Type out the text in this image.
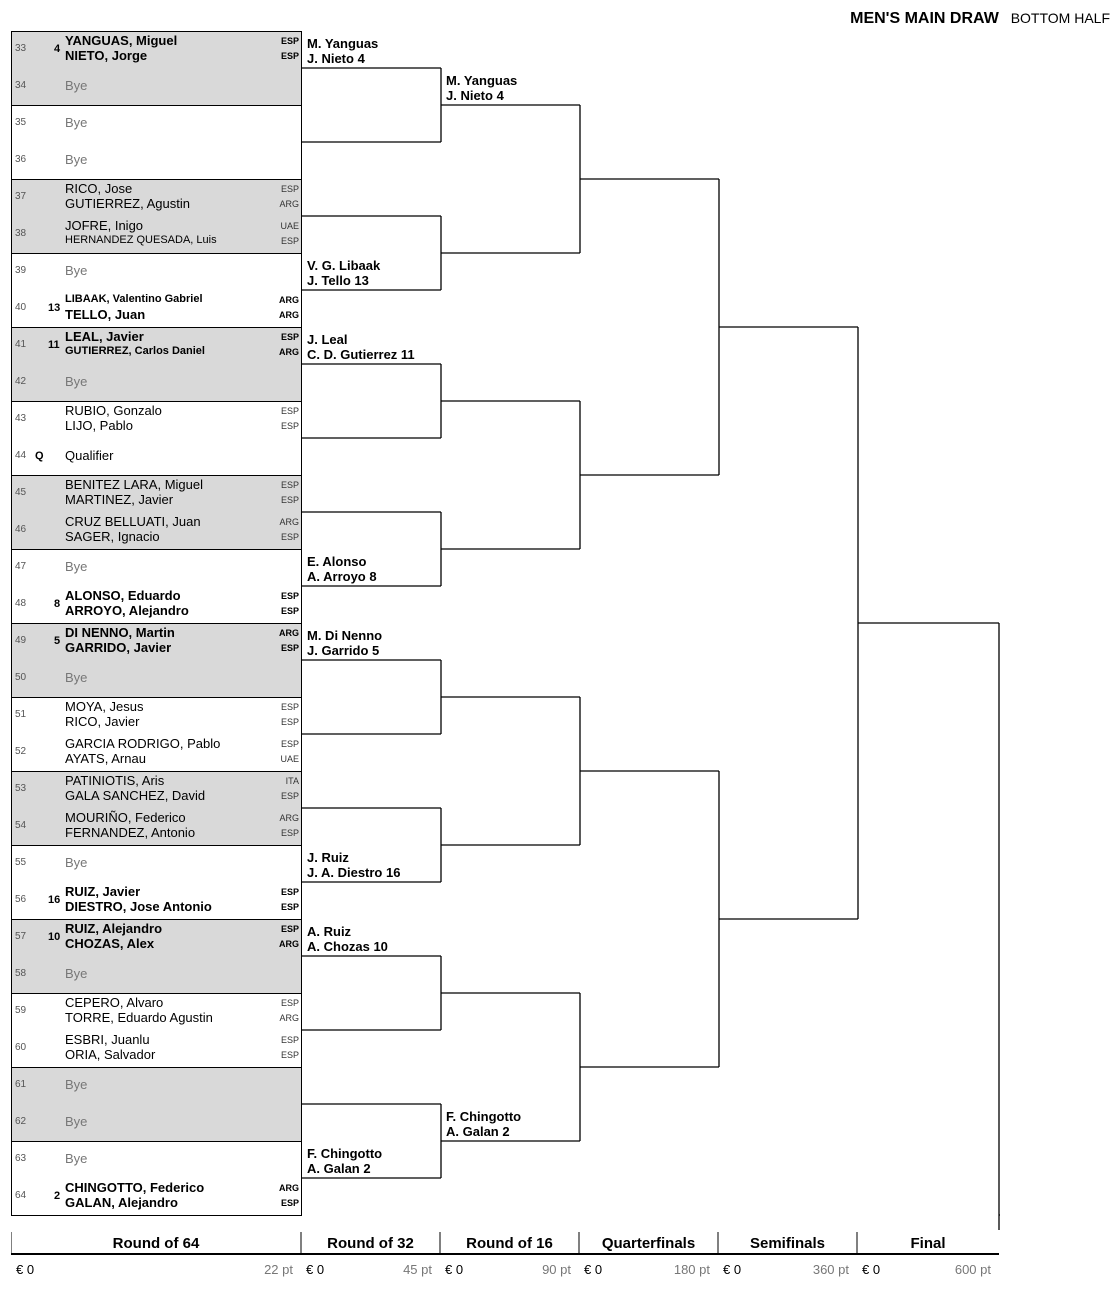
MEN'S MAIN DRAW BOTTOM HALF
33	4
YANGUAS, Miguel	ESP
NIETO, Jorge	ESP
34	Bye
35	Bye
36	Bye
37
RICO, Jose	ESP
GUTIERREZ, Agustin	ARG
38
JOFRE, Inigo	UAE
HERNANDEZ QUESADA, Luis	ESP
39	Bye
40 13
LIBAAK, Valentino Gabriel	ARG
TELLO, Juan	ARG
41 11
LEAL, Javier	ESP
GUTIERREZ, Carlos Daniel	ARG
42	Bye
43
RUBIO, Gonzalo	ESP
LIJO, Pablo	ESP
44 Q	Qualifier
45
BENITEZ LARA, Miguel	ESP
MARTINEZ, Javier	ESP
46
CRUZ BELLUATI, Juan	ARG
SAGER, Ignacio	ESP
47	Bye
48	8
ALONSO, Eduardo	ESP
ARROYO, Alejandro	ESP
49	5
DI NENNO, Martin	ARG
GARRIDO, Javier	ESP
50	Bye
51
MOYA, Jesus	ESP
RICO, Javier	ESP
52
GARCIA RODRIGO, Pablo	ESP
AYATS, Arnau	UAE
53
PATINIOTIS, Aris	ITA
GALA SANCHEZ, David	ESP
54
MOURIÑO, Federico	ARG
FERNANDEZ, Antonio	ESP
55	Bye
56 16
RUIZ, Javier	ESP
DIESTRO, Jose Antonio	ESP
57 10
RUIZ, Alejandro	ESP
CHOZAS, Alex	ARG
58	Bye
59
CEPERO, Alvaro	ESP
TORRE, Eduardo Agustin	ARG
60
ESBRI, Juanlu	ESP
ORIA, Salvador	ESP
61	Bye
62	Bye
63	Bye
64	2
CHINGOTTO, Federico	ARG
GALAN, Alejandro	ESP
M. Yanguas
J. Nieto 4
V. G. Libaak
J. Tello 13
J. Leal
C. D. Gutierrez 11
E. Alonso
A. Arroyo 8
M. Di Nenno
J. Garrido 5
J. Ruiz
J. A. Diestro 16
A. Ruiz
A. Chozas 10
F. Chingotto
A. Galan 2
M. Yanguas
J. Nieto 4
F. Chingotto
A. Galan 2
Round of 64
€ 0	22 pt
Round of 32
€ 0	45 pt
Round of 16
€ 0	90 pt
Quarterfinals
€ 0	180 pt
Semifinals
€ 0	360 pt
Final
€ 0	600 pt
